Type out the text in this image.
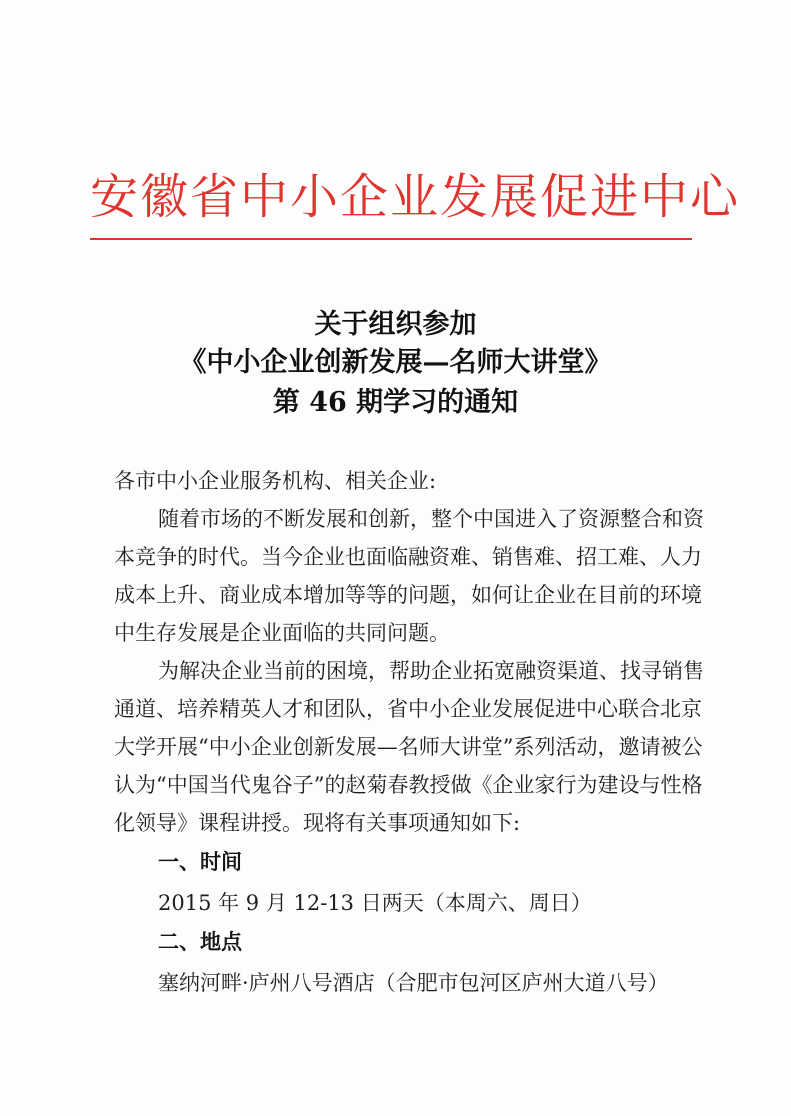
安徽省中小企业发展促进中心
关于组织参加
《中小企业创新发展—名师大讲堂》
第 46 期学习的通知
各市中小企业服务机构、相关企业:
随着市场的不断发展和创新，整个中国进入了资源整合和资
本竞争的时代。当今企业也面临融资难、销售难、招工难、人力
成本上升、商业成本增加等等的问题，如何让企业在目前的环境
中生存发展是企业面临的共同问题。
为解决企业当前的困境，帮助企业拓宽融资渠道、找寻销售
通道、培养精英人才和团队，省中小企业发展促进中心联合北京
大学开展“中小企业创新发展—名师大讲堂”系列活动，邀请被公
认为“中国当代鬼谷子”的赵菊春教授做《企业家行为建设与性格
化领导》课程讲授。现将有关事项通知如下:
一、时间
2015 年 9 月 12-13 日两天（本周六、周日）
二、地点
塞纳河畔·庐州八号酒店（合肥市包河区庐州大道八号）
